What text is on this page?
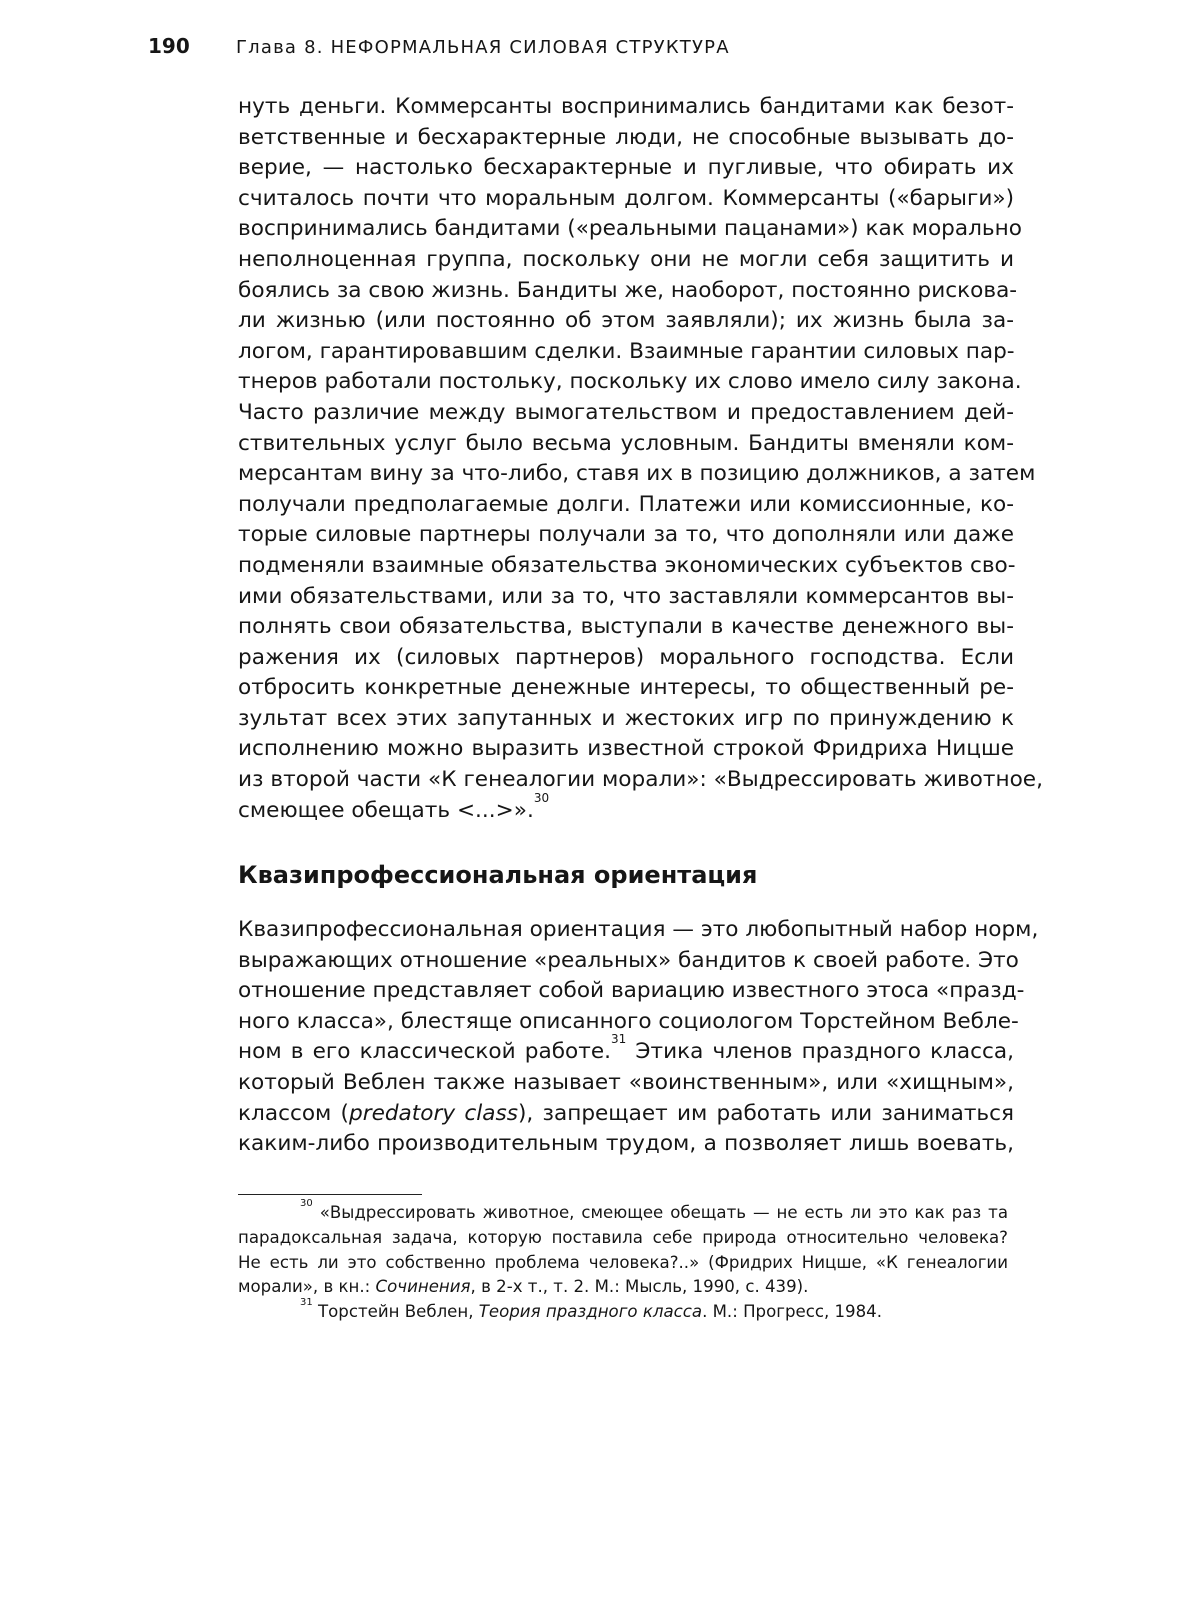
190	Глава 8. НЕФОРМАЛЬНАЯ СИЛОВАЯ СТРУКТУРА
нуть деньги. Коммерсанты воспринимались бандитами как безот-
ветственные и бесхарактерные люди, не способные вызывать до-
верие, — настолько бесхарактерные и пугливые, что обирать их
считалось почти что моральным долгом. Коммерсанты («барыги»)
воспринимались бандитами («реальными пацанами») как морально
неполноценная группа, поскольку они не могли себя защитить и
боялись за свою жизнь. Бандиты же, наоборот, постоянно рискова-
ли жизнью (или постоянно об этом заявляли); их жизнь была за-
логом, гарантировавшим сделки. Взаимные гарантии силовых пар-
тнеров работали постольку, поскольку их слово имело силу закона.
Часто различие между вымогательством и предоставлением дей-
ствительных услуг было весьма условным. Бандиты вменяли ком-
мерсантам вину за что-либо, ставя их в позицию должников, а затем
получали предполагаемые долги. Платежи или комиссионные, ко-
торые силовые партнеры получали за то, что дополняли или даже
подменяли взаимные обязательства экономических субъектов сво-
ими обязательствами, или за то, что заставляли коммерсантов вы-
полнять свои обязательства, выступали в качестве денежного вы-
ражения их (силовых партнеров) морального господства. Если
отбросить конкретные денежные интересы, то общественный ре-
зультат всех этих запутанных и жестоких игр по принуждению к
исполнению можно выразить известной строкой Фридриха Ницше
из второй части «К генеалогии морали»: «Выдрессировать животное,
смеющее обещать <...>».$^{30}$
Квазипрофессиональная ориентация
Квазипрофессиональная ориентация — это любопытный набор норм,
выражающих отношение «реальных» бандитов к своей работе. Это
отношение представляет собой вариацию известного этоса «празд-
ного класса», блестяще описанного социологом Торстейном Вебле-
ном в его классической работе.$^{31}$ Этика членов праздного класса,
который Веблен также называет «воинственным», или «хищным»,
классом (predatory class), запрещает им работать или заниматься
каким-либо производительным трудом, а позволяет лишь воевать,
$^{30}$ «Выдрессировать животное, смеющее обещать — не есть ли это как раз та
парадоксальная задача, которую поставила себе природа относительно человека?
Не есть ли это собственно проблема человека?..» (Фридрих Ницше, «К генеалогии
морали», в кн.: Сочинения, в 2-х т., т. 2. М.: Мысль, 1990, с. 439).
$^{31}$ Торстейн Веблен, Теория праздного класса. М.: Прогресс, 1984.
